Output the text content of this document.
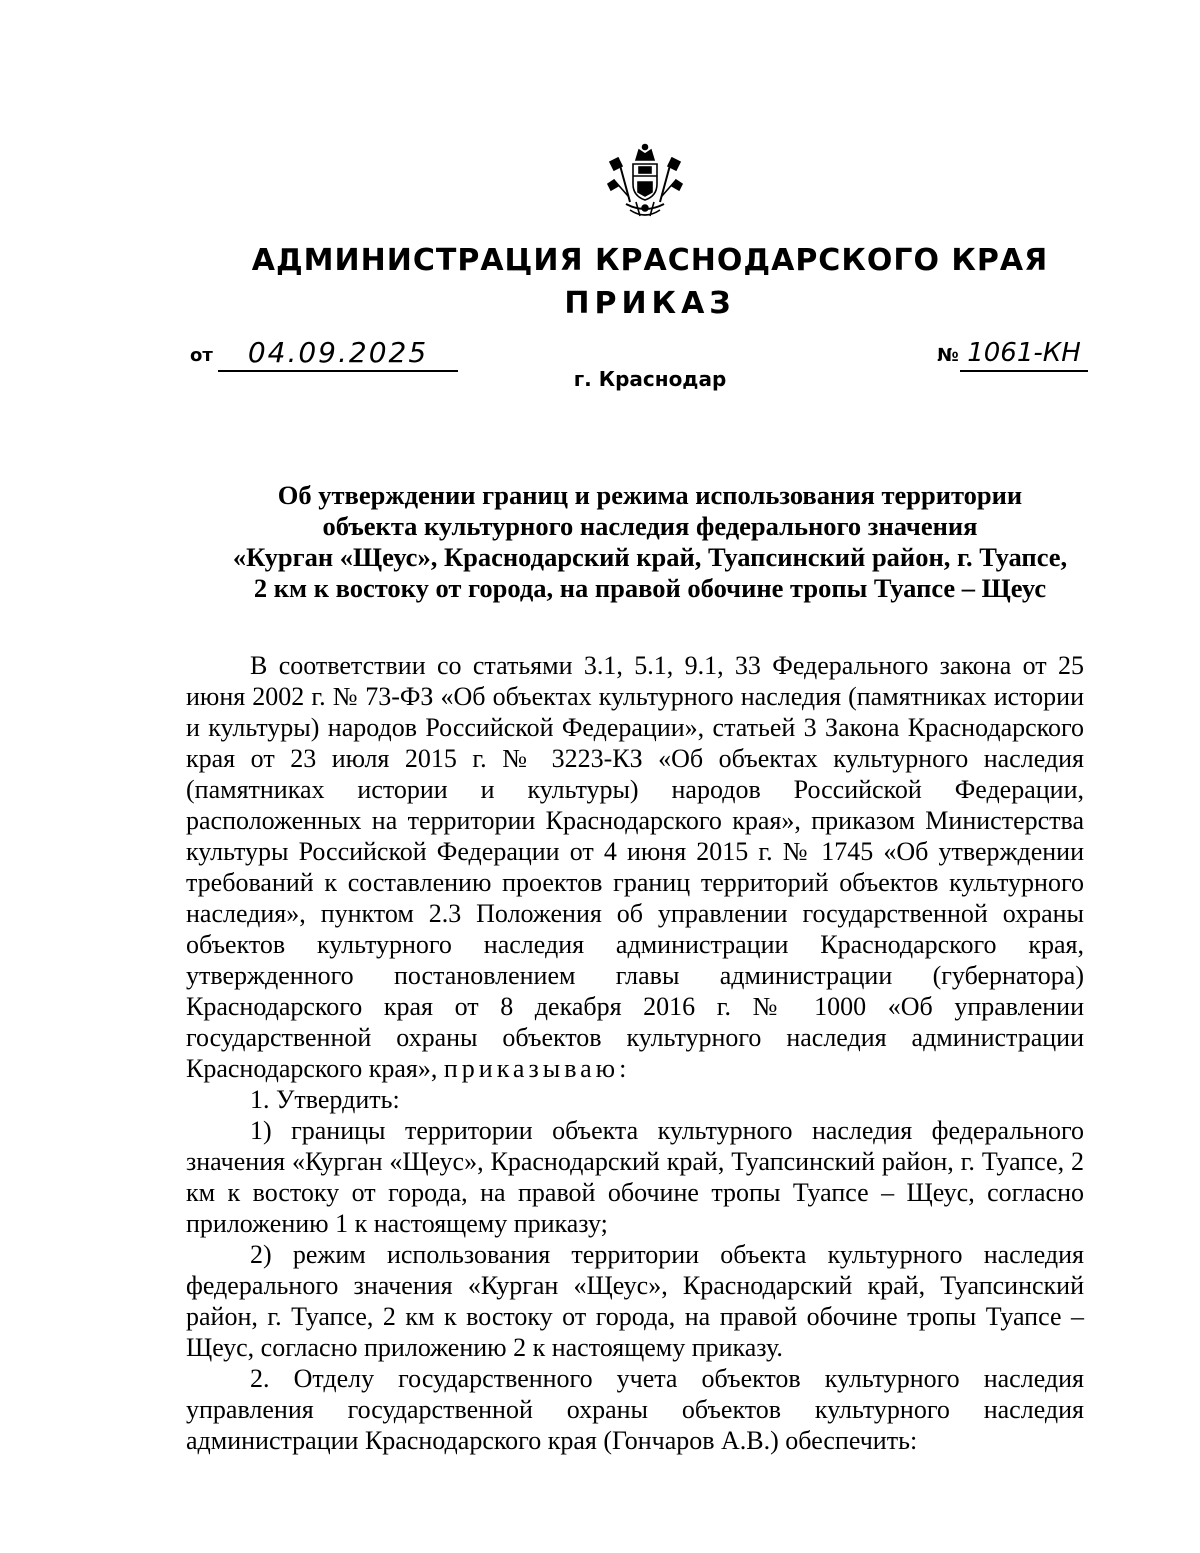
АДМИНИСТРАЦИЯ КРАСНОДАРСКОГО КРАЯ
ПРИКАЗ
от	04.09.2025
г. Краснодар
№ 1061-КН
Об утверждении границ и режима использования территории
объекта культурного наследия федерального значения
«Курган «Щеус», Краснодарский край, Туапсинский район, г. Туапсе,
2 км к востоку от города, на правой обочине тропы Туапсе – Щеус

В соответствии со статьями 3.1, 5.1, 9.1, 33 Федерального закона от 25 июня 2002 г. № 73-ФЗ «Об объектах культурного наследия (памятниках истории и культуры) народов Российской Федерации», статьей 3 Закона Краснодарского края от 23 июля 2015 г. № 3223-КЗ «Об объектах культурного наследия (памятниках истории и культуры) народов Российской Федерации, расположенных на территории Краснодарского края», приказом Министерства культуры Российской Федерации от 4 июня 2015 г. № 1745 «Об утверждении требований к составлению проектов границ территорий объектов культурного наследия», пунктом 2.3 Положения об управлении государственной охраны объектов культурного наследия администрации Краснодарского края, утвержденного постановлением главы администрации (губернатора) Краснодарского края от 8 декабря 2016 г. № 1000 «Об управлении государственной охраны объектов культурного наследия администрации Краснодарского края», приказываю:

1. Утвердить:

1) границы территории объекта культурного наследия федерального значения «Курган «Щеус», Краснодарский край, Туапсинский район, г. Туапсе, 2 км к востоку от города, на правой обочине тропы Туапсе – Щеус, согласно приложению 1 к настоящему приказу;

2) режим использования территории объекта культурного наследия федерального значения «Курган «Щеус», Краснодарский край, Туапсинский район, г. Туапсе, 2 км к востоку от города, на правой обочине тропы Туапсе – Щеус, согласно приложению 2 к настоящему приказу.

2. Отделу государственного учета объектов культурного наследия управления государственной охраны объектов культурного наследия администрации Краснодарского края (Гончаров А.В.) обеспечить:
